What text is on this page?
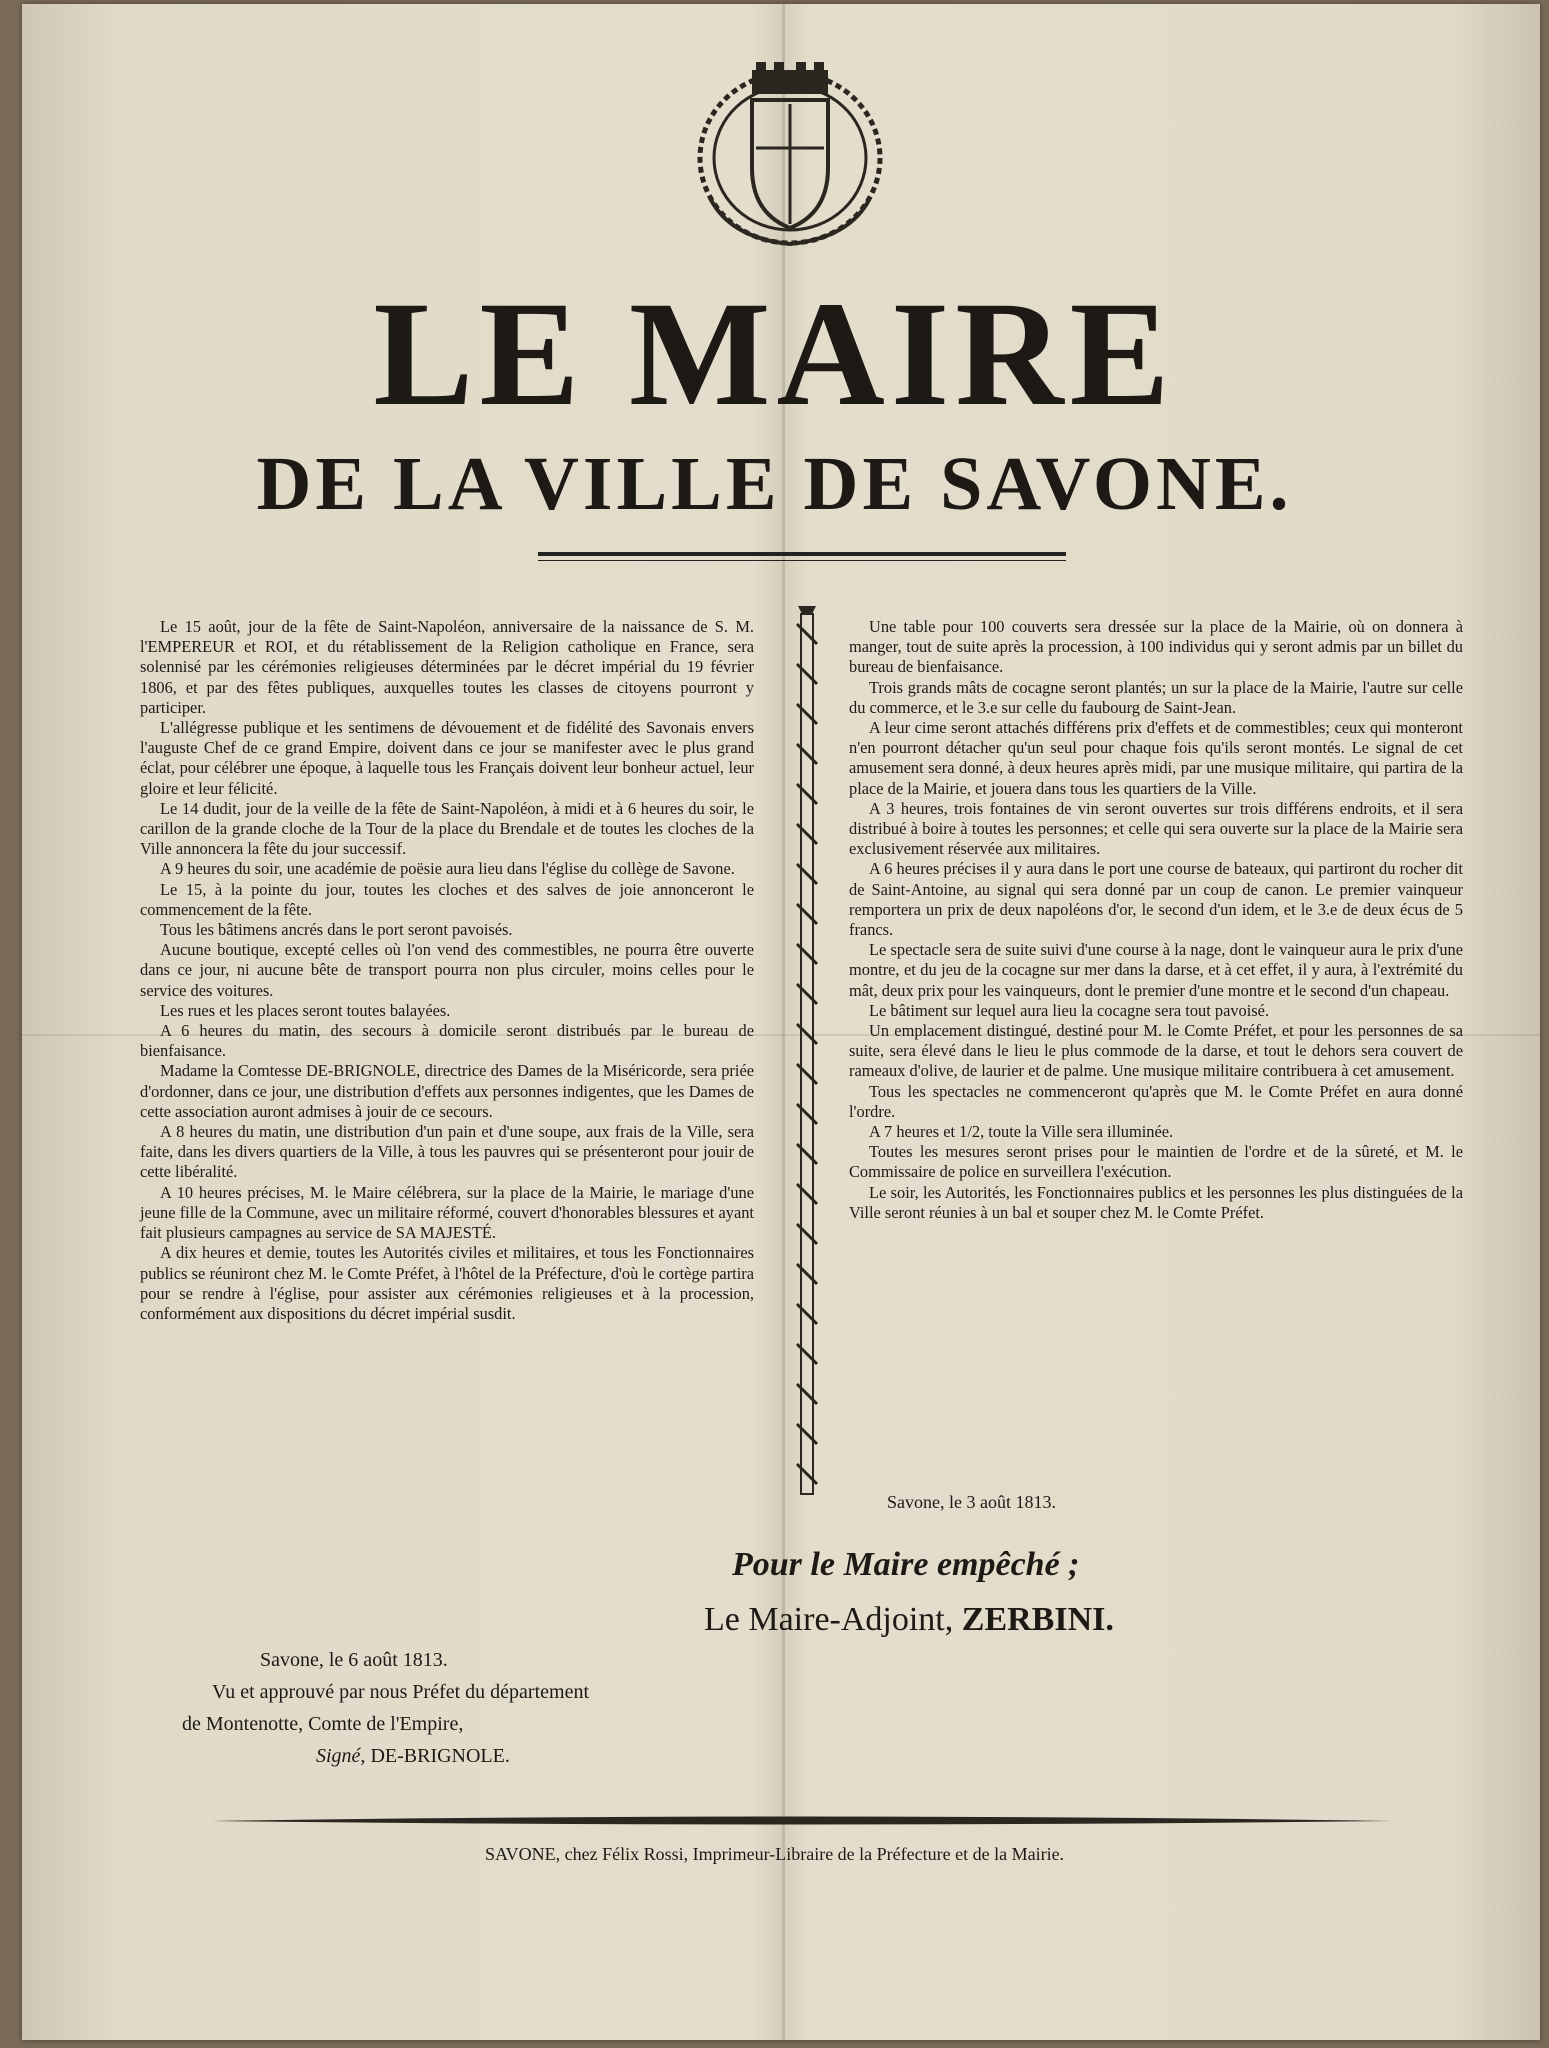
LE MAIRE
DE LA VILLE DE SAVONE.

Le 15 août, jour de la fête de Saint-Napoléon, anniversaire de la naissance de S. M. l'EMPEREUR et ROI, et du rétablissement de la Religion catholique en France, sera solennisé par les cérémonies religieuses déterminées par le décret impérial du 19 février 1806, et par des fêtes publiques, auxquelles toutes les classes de citoyens pourront y participer.

L'allégresse publique et les sentimens de dévouement et de fidélité des Savonais envers l'auguste Chef de ce grand Empire, doivent dans ce jour se manifester avec le plus grand éclat, pour célébrer une époque, à laquelle tous les Français doivent leur bonheur actuel, leur gloire et leur félicité.

Le 14 dudit, jour de la veille de la fête de Saint-Napoléon, à midi et à 6 heures du soir, le carillon de la grande cloche de la Tour de la place du Brendale et de toutes les cloches de la Ville annoncera la fête du jour successif.

A 9 heures du soir, une académie de poësie aura lieu dans l'église du collège de Savone.

Le 15, à la pointe du jour, toutes les cloches et des salves de joie annonceront le commencement de la fête.

Tous les bâtimens ancrés dans le port seront pavoisés.

Aucune boutique, excepté celles où l'on vend des commestibles, ne pourra être ouverte dans ce jour, ni aucune bête de transport pourra non plus circuler, moins celles pour le service des voitures.

Les rues et les places seront toutes balayées.

A 6 heures du matin, des secours à domicile seront distribués par le bureau de bienfaisance.

Madame la Comtesse DE-BRIGNOLE, directrice des Dames de la Miséricorde, sera priée d'ordonner, dans ce jour, une distribution d'effets aux personnes indigentes, que les Dames de cette association auront admises à jouir de ce secours.

A 8 heures du matin, une distribution d'un pain et d'une soupe, aux frais de la Ville, sera faite, dans les divers quartiers de la Ville, à tous les pauvres qui se présenteront pour jouir de cette libéralité.

A 10 heures précises, M. le Maire célébrera, sur la place de la Mairie, le mariage d'une jeune fille de la Commune, avec un militaire réformé, couvert d'honorables blessures et ayant fait plusieurs campagnes au service de SA MAJESTÉ.

A dix heures et demie, toutes les Autorités civiles et militaires, et tous les Fonctionnaires publics se réuniront chez M. le Comte Préfet, à l'hôtel de la Préfecture, d'où le cortège partira pour se rendre à l'église, pour assister aux cérémonies religieuses et à la procession, conformément aux dispositions du décret impérial susdit.

Une table pour 100 couverts sera dressée sur la place de la Mairie, où on donnera à manger, tout de suite après la procession, à 100 individus qui y seront admis par un billet du bureau de bienfaisance.

Trois grands mâts de cocagne seront plantés; un sur la place de la Mairie, l'autre sur celle du commerce, et le 3.e sur celle du faubourg de Saint-Jean.

A leur cime seront attachés différens prix d'effets et de commestibles; ceux qui monteront n'en pourront détacher qu'un seul pour chaque fois qu'ils seront montés. Le signal de cet amusement sera donné, à deux heures après midi, par une musique militaire, qui partira de la place de la Mairie, et jouera dans tous les quartiers de la Ville.

A 3 heures, trois fontaines de vin seront ouvertes sur trois différens endroits, et il sera distribué à boire à toutes les personnes; et celle qui sera ouverte sur la place de la Mairie sera exclusivement réservée aux militaires.

A 6 heures précises il y aura dans le port une course de bateaux, qui partiront du rocher dit de Saint-Antoine, au signal qui sera donné par un coup de canon. Le premier vainqueur remportera un prix de deux napoléons d'or, le second d'un idem, et le 3.e de deux écus de 5 francs.

Le spectacle sera de suite suivi d'une course à la nage, dont le vainqueur aura le prix d'une montre, et du jeu de la cocagne sur mer dans la darse, et à cet effet, il y aura, à l'extrémité du mât, deux prix pour les vainqueurs, dont le premier d'une montre et le second d'un chapeau.

Le bâtiment sur lequel aura lieu la cocagne sera tout pavoisé.

Un emplacement distingué, destiné pour M. le Comte Préfet, et pour les personnes de sa suite, sera élevé dans le lieu le plus commode de la darse, et tout le dehors sera couvert de rameaux d'olive, de laurier et de palme. Une musique militaire contribuera à cet amusement.

Tous les spectacles ne commenceront qu'après que M. le Comte Préfet en aura donné l'ordre.

A 7 heures et 1/2, toute la Ville sera illuminée.

Toutes les mesures seront prises pour le maintien de l'ordre et de la sûreté, et M. le Commissaire de police en surveillera l'exécution.

Le soir, les Autorités, les Fonctionnaires publics et les personnes les plus distinguées de la Ville seront réunies à un bal et souper chez M. le Comte Préfet.

Savone, le 3 août 1813.
Pour le Maire empêché ;
Le Maire-Adjoint, ZERBINI.
Savone, le 6 août 1813.
Vu et approuvé par nous Préfet du département
de Montenotte, Comte de l'Empire,
Signé, DE-BRIGNOLE.
SAVONE, chez Félix Rossi, Imprimeur-Libraire de la Préfecture et de la Mairie.
